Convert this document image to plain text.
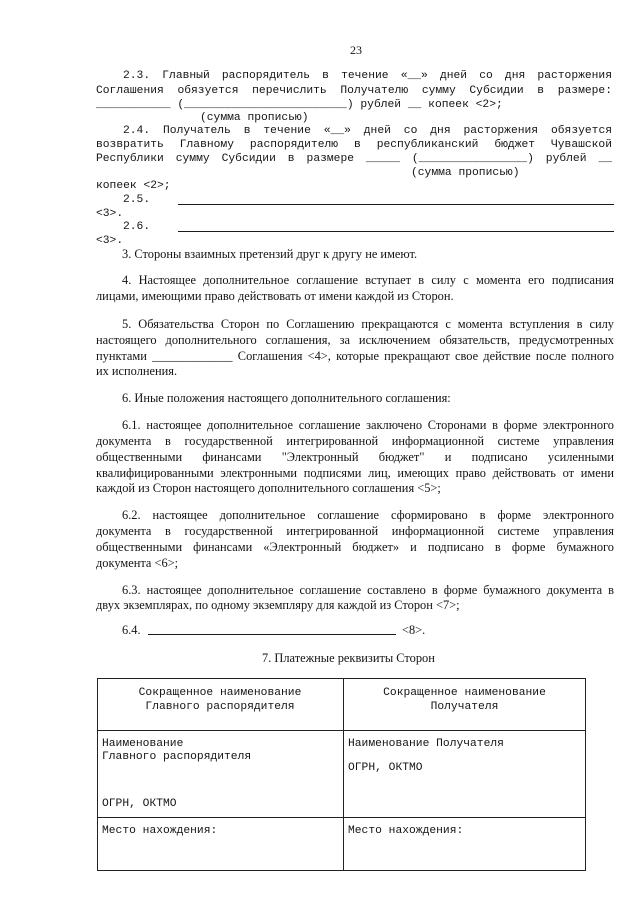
23
2.3. Главный распорядитель в течение «__» дней со дня расторжения
Соглашения обязуется перечислить Получателю сумму Субсидии в размере:
___________ (________________________) рублей __ копеек <2>;
(сумма прописью)
2.4. Получатель в течение «__» дней со дня расторжения обязуется
возвратить Главному распорядителю в республиканский бюджет Чувашской
Республики сумму Субсидии в размере _____ (________________) рублей __
(сумма прописью)
копеек <2>;
2.5.
<3>.
2.6.
<3>.
3. Стороны взаимных претензий друг к другу не имеют.
4. Настоящее дополнительное соглашение вступает в силу с момента его подписания
лицами, имеющими право действовать от имени каждой из Сторон.
5. Обязательства Сторон по Соглашению прекращаются с момента вступления в силу
настоящего дополнительного соглашения, за исключением обязательств, предусмотренных
пунктами _____________ Соглашения <4>, которые прекращают свое действие после полного
их исполнения.
6. Иные положения настоящего дополнительного соглашения:
6.1. настоящее дополнительное соглашение заключено Сторонами в форме электронного
документа в государственной интегрированной информационной системе управления
общественными финансами "Электронный бюджет" и подписано усиленными
квалифицированными электронными подписями лиц, имеющих право действовать от имени
каждой из Сторон настоящего дополнительного соглашения <5>;
6.2. настоящее дополнительное соглашение сформировано в форме электронного
документа в государственной интегрированной информационной системе управления
общественными финансами «Электронный бюджет» и подписано в форме бумажного
документа <6>;
6.3. настоящее дополнительное соглашение составлено в форме бумажного документа в
двух экземплярах, по одному экземпляру для каждой из Сторон <7>;
6.4.	<8>.
7. Платежные реквизиты Сторон
Сокращенное наименование
Главного распорядителя
Сокращенное наименование
Получателя
Наименование
Главного распорядителя
ОГРН, ОКТМО
Наименование Получателя
ОГРН, ОКТМО
Место нахождения:	Место нахождения:
